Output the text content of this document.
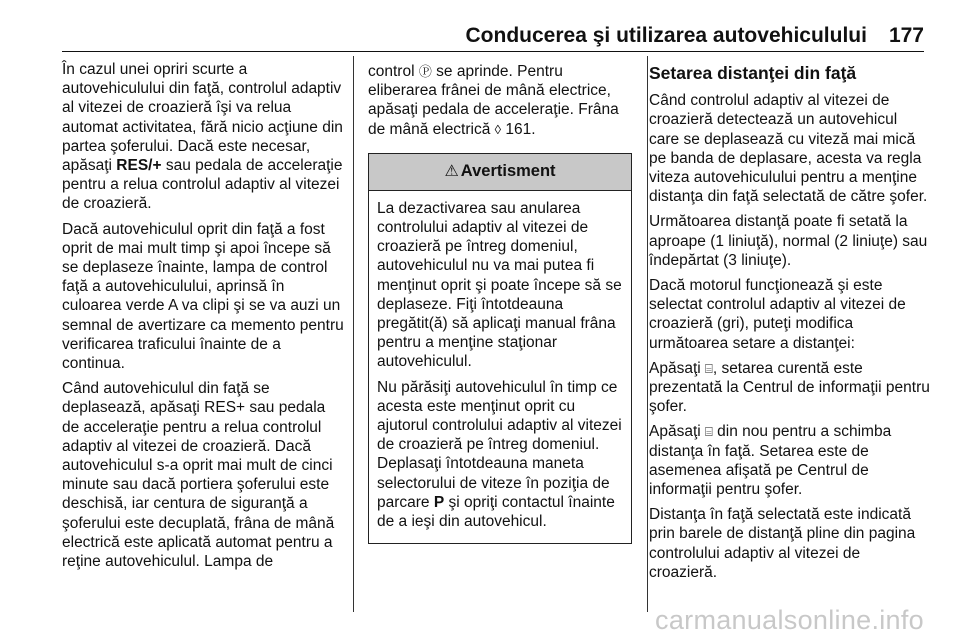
Conducerea şi utilizarea autovehiculului 177

În cazul unei opriri scurte a autovehiculului din faţă, controlul adaptiv al vitezei de croazieră îşi va relua automat activitatea, fără nicio acţiune din partea şoferului. Dacă este necesar, apăsaţi RES/+ sau pedala de acceleraţie pentru a relua controlul adaptiv al vitezei de croazieră.

Dacă autovehiculul oprit din faţă a fost oprit de mai mult timp şi apoi începe să se deplaseze înainte, lampa de control faţă a autovehiculului, aprinsă în culoarea verde A va clipi şi se va auzi un semnal de avertizare ca memento pentru verificarea traficului înainte de a continua.

Când autovehiculul din faţă se deplasează, apăsaţi RES+ sau pedala de acceleraţie pentru a relua controlul adaptiv al vitezei de croazieră. Dacă autovehiculul s-a oprit mai mult de cinci minute sau dacă portiera şoferului este deschisă, iar centura de siguranţă a şoferului este decuplată, frâna de mână electrică este aplicată automat pentru a reţine autovehiculul. Lampa de

control Ⓟ se aprinde. Pentru eliberarea frânei de mână electrice, apăsaţi pedala de acceleraţie. Frâna de mână electrică ◊ 161.

⚠ Avertisment

La dezactivarea sau anularea controlului adaptiv al vitezei de croazieră pe întreg domeniul, autovehiculul nu va mai putea fi menţinut oprit şi poate începe să se deplaseze. Fiţi întotdeauna pregătit(ă) să aplicaţi manual frâna pentru a menţine staţionar autovehiculul.

Nu părăsiţi autovehiculul în timp ce acesta este menţinut oprit cu ajutorul controlului adaptiv al vitezei de croazieră pe întreg domeniul. Deplasaţi întotdeauna maneta selectorului de viteze în poziţia de parcare P şi opriţi contactul înainte de a ieşi din autovehicul.

Setarea distanţei din faţă

Când controlul adaptiv al vitezei de croazieră detectează un autovehicul care se deplasează cu viteză mai mică pe banda de deplasare, acesta va regla viteza autovehiculului pentru a menţine distanţa din faţă selectată de către şofer.

Următoarea distanţă poate fi setată la aproape (1 liniuţă), normal (2 liniuţe) sau îndepărtat (3 liniuţe).

Dacă motorul funcţionează şi este selectat controlul adaptiv al vitezei de croazieră (gri), puteţi modifica următoarea setare a distanţei:

Apăsaţi ⌸, setarea curentă este prezentată la Centrul de informaţii pentru şofer.

Apăsaţi ⌸ din nou pentru a schimba distanţa în faţă. Setarea este de asemenea afişată pe Centrul de informaţii pentru şofer.

Distanţa în faţă selectată este indicată prin barele de distanţă pline din pagina controlului adaptiv al vitezei de croazieră.

carmanualsonline.info
